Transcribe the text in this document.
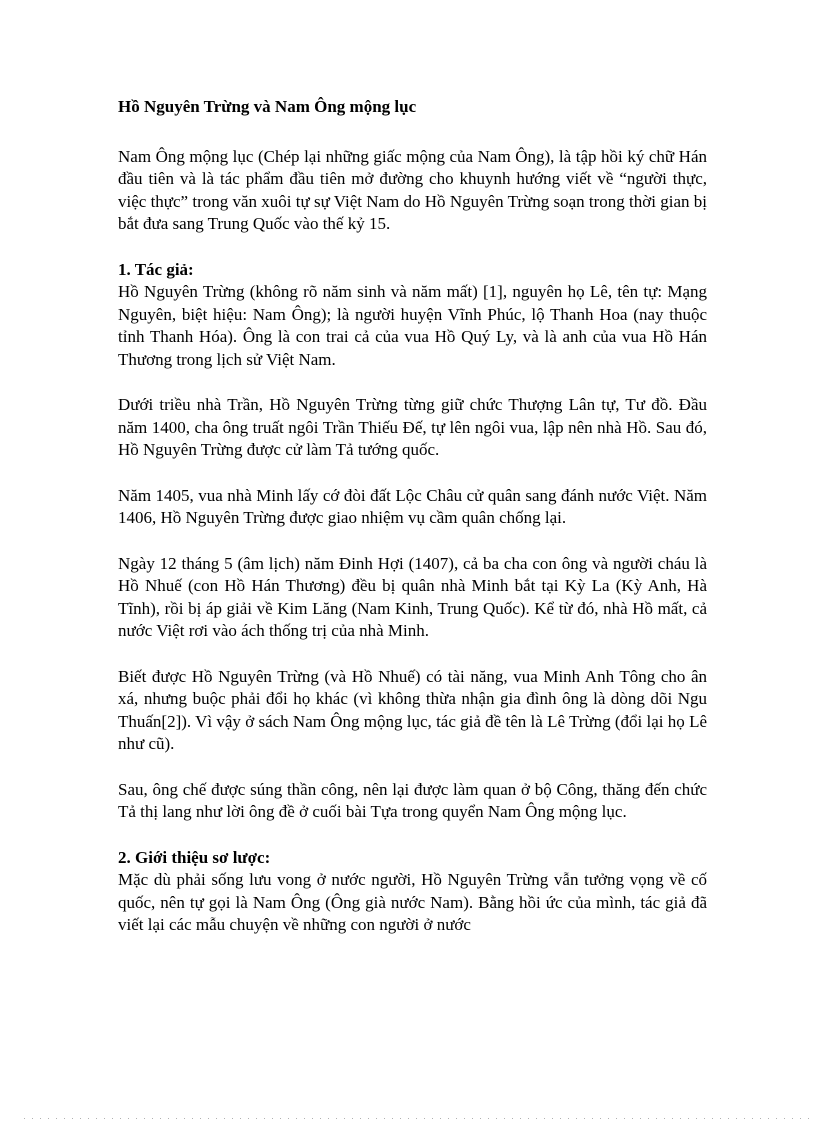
Hồ Nguyên Trừng và Nam Ông mộng lục

Nam Ông mộng lục (Chép lại những giấc mộng của Nam Ông), là tập hồi ký chữ Hán đầu tiên và là tác phẩm đầu tiên mở đường cho khuynh hướng viết về “người thực, việc thực” trong văn xuôi tự sự Việt Nam do Hồ Nguyên Trừng soạn trong thời gian bị bắt đưa sang Trung Quốc vào thế kỷ 15.

1. Tác giả:

Hồ Nguyên Trừng (không rõ năm sinh và năm mất) [1], nguyên họ Lê, tên tự: Mạng Nguyên, biệt hiệu: Nam Ông); là người huyện Vĩnh Phúc, lộ Thanh Hoa (nay thuộc tỉnh Thanh Hóa). Ông là con trai cả của vua Hồ Quý Ly, và là anh của vua Hồ Hán Thương trong lịch sử Việt Nam.

Dưới triều nhà Trần, Hồ Nguyên Trừng từng giữ chức Thượng Lân tự, Tư đồ. Đầu năm 1400, cha ông truất ngôi Trần Thiếu Đế, tự lên ngôi vua, lập nên nhà Hồ. Sau đó, Hồ Nguyên Trừng được cử làm Tả tướng quốc.

Năm 1405, vua nhà Minh lấy cớ đòi đất Lộc Châu cử quân sang đánh nước Việt. Năm 1406, Hồ Nguyên Trừng được giao nhiệm vụ cầm quân chống lại.

Ngày 12 tháng 5 (âm lịch) năm Đinh Hợi (1407), cả ba cha con ông và người cháu là Hồ Nhuế (con Hồ Hán Thương) đều bị quân nhà Minh bắt tại Kỳ La (Kỳ Anh, Hà Tĩnh), rồi bị áp giải về Kim Lăng (Nam Kinh, Trung Quốc). Kể từ đó, nhà Hồ mất, cả nước Việt rơi vào ách thống trị của nhà Minh.

Biết được Hồ Nguyên Trừng (và Hồ Nhuế) có tài năng, vua Minh Anh Tông cho ân xá, nhưng buộc phải đổi họ khác (vì không thừa nhận gia đình ông là dòng dõi Ngu Thuấn[2]). Vì vậy ở sách Nam Ông mộng lục, tác giả đề tên là Lê Trừng (đổi lại họ Lê như cũ).

Sau, ông chế được súng thần công, nên lại được làm quan ở bộ Công, thăng đến chức Tả thị lang như lời ông đề ở cuối bài Tựa trong quyển Nam Ông mộng lục.

2. Giới thiệu sơ lược:

Mặc dù phải sống lưu vong ở nước người, Hồ Nguyên Trừng vẫn tưởng vọng về cố quốc, nên tự gọi là Nam Ông (Ông già nước Nam). Bằng hồi ức của mình, tác giả đã viết lại các mẫu chuyện về những con người ở nước
